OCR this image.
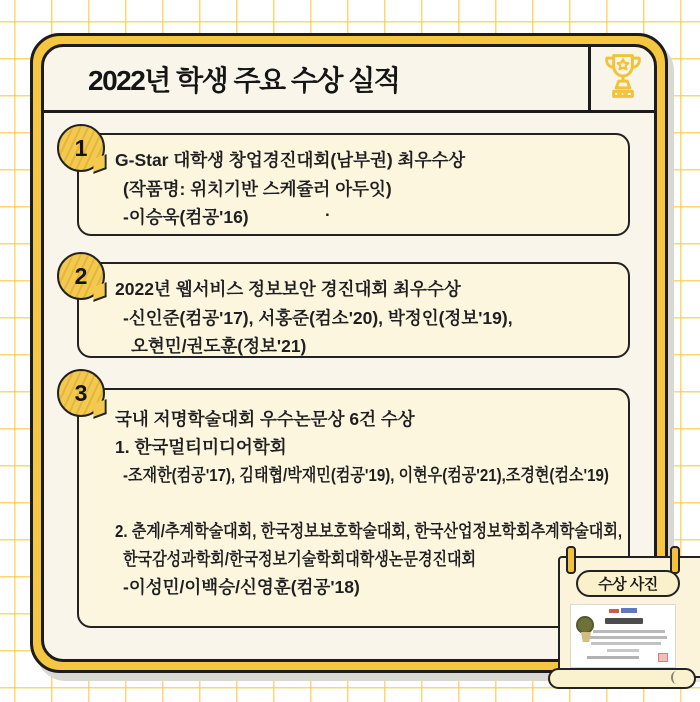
2022년 학생 주요 수상 실적
1 G-Star 대학생 창업경진대회(남부권) 최우수상
(작품명: 위치기반 스케쥴러 아두잇)
-이승욱(컴공'16)	.
2
2022년 웹서비스 정보보안 경진대회 최우수상
-신인준(컴공'17), 서홍준(컴소'20), 박정인(정보'19),
오현민/권도훈(정보'21)
3
국내 저명학술대회 우수논문상 6건 수상
1. 한국멀티미디어학회
-조재한(컴공'17), 김태협/박재민(컴공'19), 이현우(컴공'21),조경현(컴소'19)
2. 춘계/추계학술대회, 한국정보보호학술대회, 한국산업정보학회추계학술대회,
한국감성과학회/한국정보기술학회대학생논문경진대회
-이성민/이백승/신영훈(컴공'18)	수상 사진
